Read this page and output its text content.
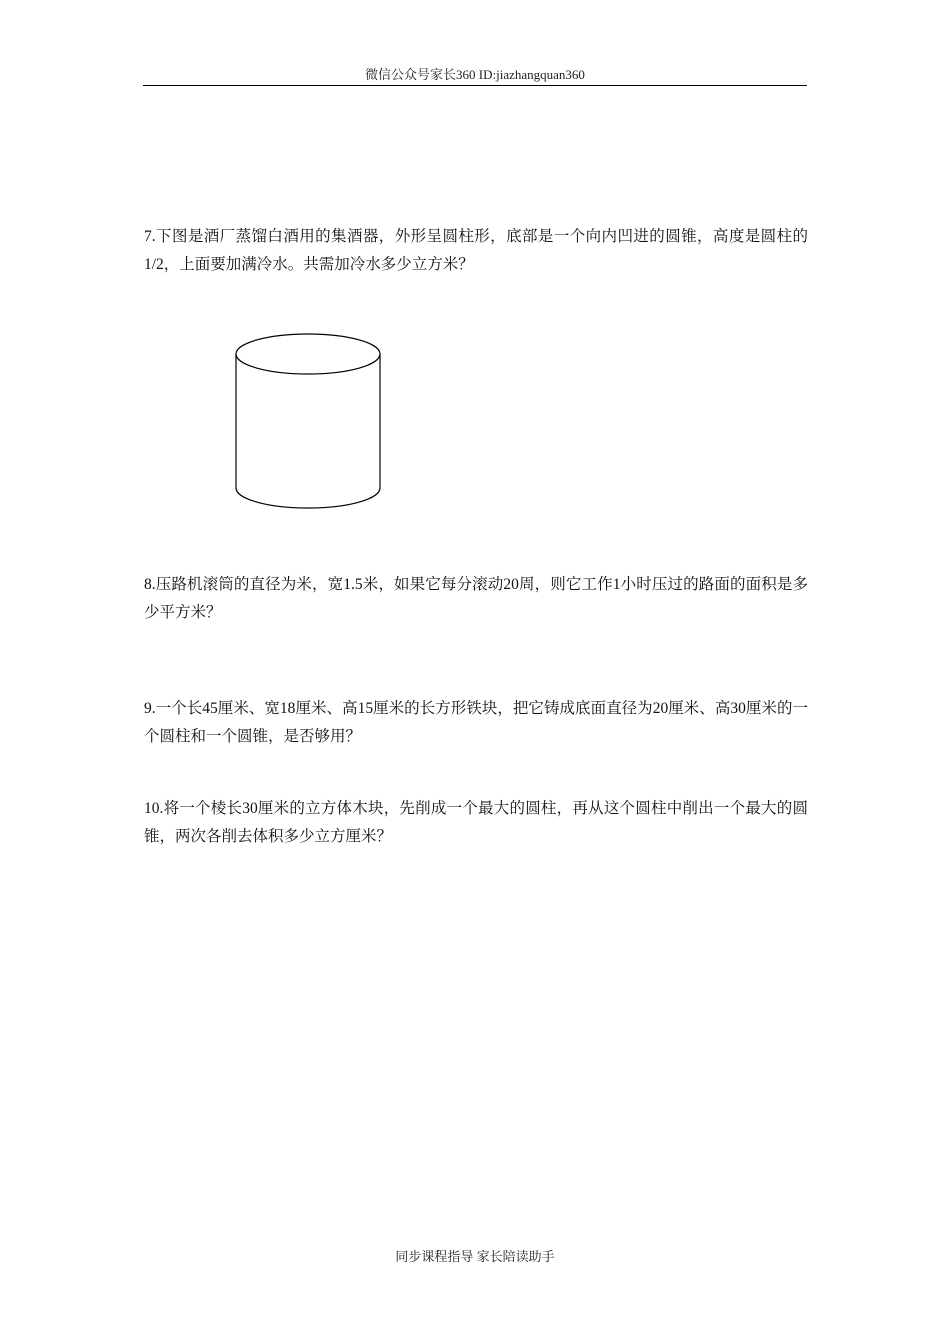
微信公众号家长360 ID:jiazhangquan360

7.下图是酒厂蒸馏白酒用的集酒器，外形呈圆柱形，底部是一个向内凹进的圆锥，高度是圆柱的1/2，上面要加满冷水。共需加冷水多少立方米？

8.压路机滚筒的直径为米，宽1.5米，如果它每分滚动20周，则它工作1小时压过的路面的面积是多少平方米？

9.一个长45厘米、宽18厘米、高15厘米的长方形铁块，把它铸成底面直径为20厘米、高30厘米的一个圆柱和一个圆锥，是否够用？

10.将一个棱长30厘米的立方体木块，先削成一个最大的圆柱，再从这个圆柱中削出一个最大的圆锥，两次各削去体积多少立方厘米？

同步课程指导 家长陪读助手
